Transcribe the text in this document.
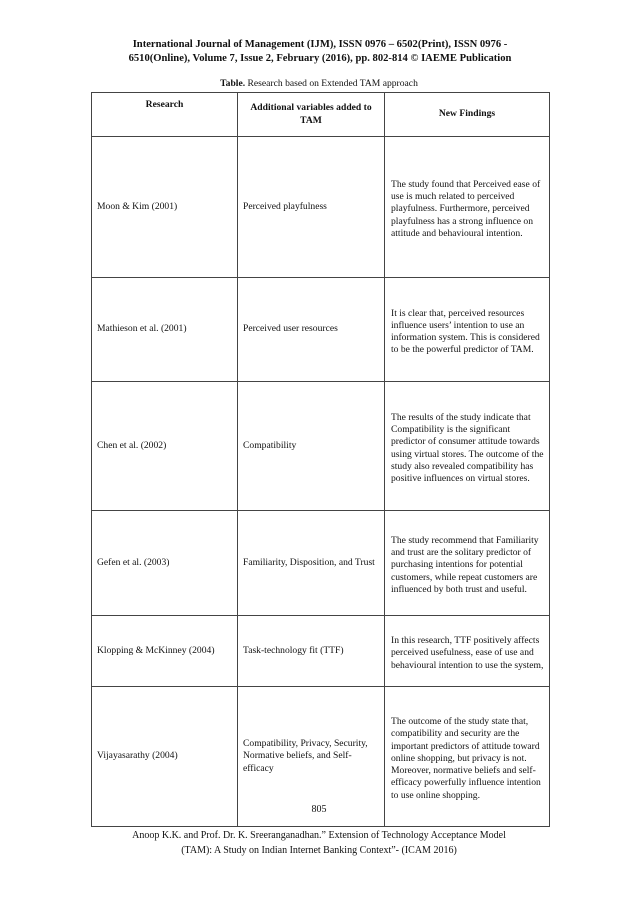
International Journal of Management (IJM), ISSN 0976 – 6502(Print), ISSN 0976 -
6510(Online), Volume 7, Issue 2, February (2016), pp. 802-814 © IAEME Publication
Table. Research based on Extended TAM approach
Research	Additional variables added to TAM	New Findings
Moon & Kim (2001)	Perceived playfulness	The study found that Perceived ease of use is much related to perceived playfulness. Furthermore, perceived playfulness has a strong influence on attitude and behavioural intention.
Mathieson et al. (2001)	Perceived user resources	It is clear that, perceived resources influence users’ intention to use an information system. This is considered to be the powerful predictor of TAM.
Chen et al. (2002)	Compatibility	The results of the study indicate that Compatibility is the significant predictor of consumer attitude towards using virtual stores. The outcome of the study also revealed compatibility has positive influences on virtual stores.
Gefen et al. (2003)	Familiarity, Disposition, and Trust	The study recommend that Familiarity and trust are the solitary predictor of purchasing intentions for potential customers, while repeat customers are influenced by both trust and useful.
Klopping & McKinney (2004)	Task-technology fit (TTF)	In this research, TTF positively affects perceived usefulness, ease of use and behavioural intention to use the system,
Vijayasarathy (2004)	Compatibility, Privacy, Security, Normative beliefs, and Self-efficacy	The outcome of the study state that, compatibility and security are the important predictors of attitude toward online shopping, but privacy is not. Moreover, normative beliefs and self-efficacy powerfully influence intention to use online shopping.
805
Anoop K.K. and Prof. Dr. K. Sreeranganadhan.” Extension of Technology Acceptance Model
(TAM): A Study on Indian Internet Banking Context”- (ICAM 2016)
